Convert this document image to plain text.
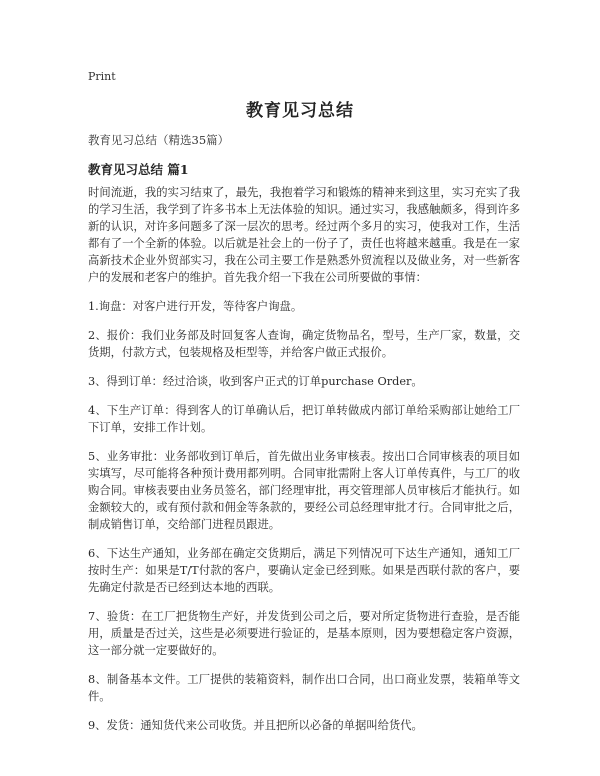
Print
教育见习总结
教育见习总结（精选35篇）
教育见习总结 篇1

时间流逝，我的实习结束了，最先，我抱着学习和锻炼的精神来到这里，实习充实了我的学习生活，我学到了许多书本上无法体验的知识。通过实习，我感触颇多，得到许多新的认识，对许多问题多了深一层次的思考。经过两个多月的实习，使我对工作，生活都有了一个全新的体验。以后就是社会上的一份子了，责任也将越来越重。我是在一家高新技术企业外贸部实习，我在公司主要工作是熟悉外贸流程以及做业务，对一些新客户的发展和老客户的维护。首先我介绍一下我在公司所要做的事情：

1.询盘：对客户进行开发，等待客户询盘。

2、报价：我们业务部及时回复客人查询，确定货物品名，型号，生产厂家，数量，交货期，付款方式，包装规格及柜型等，并给客户做正式报价。

3、得到订单：经过洽谈，收到客户正式的订单purchase Order。

4、下生产订单：得到客人的订单确认后，把订单转做成内部订单给采购部让她给工厂下订单，安排工作计划。

5、业务审批：业务部收到订单后，首先做出业务审核表。按出口合同审核表的项目如实填写，尽可能将各种预计费用都列明。合同审批需附上客人订单传真件，与工厂的收购合同。审核表要由业务员签名，部门经理审批，再交管理部人员审核后才能执行。如金额较大的，或有预付款和佣金等条款的，要经公司总经理审批才行。合同审批之后，制成销售订单，交给部门进程员跟进。

6、下达生产通知，业务部在确定交货期后，满足下列情况可下达生产通知，通知工厂按时生产：如果是T/T付款的客户，要确认定金已经到账。如果是西联付款的客户，要先确定付款是否已经到达本地的西联。

7、验货：在工厂把货物生产好，并发货到公司之后，要对所定货物进行查验，是否能用，质量是否过关，这些是必须要进行验证的，是基本原则，因为要想稳定客户资源，这一部分就一定要做好的。

8、制备基本文件。工厂提供的装箱资料，制作出口合同，出口商业发票，装箱单等文件。

9、发货：通知货代来公司收货。并且把所以必备的单据叫给货代。
